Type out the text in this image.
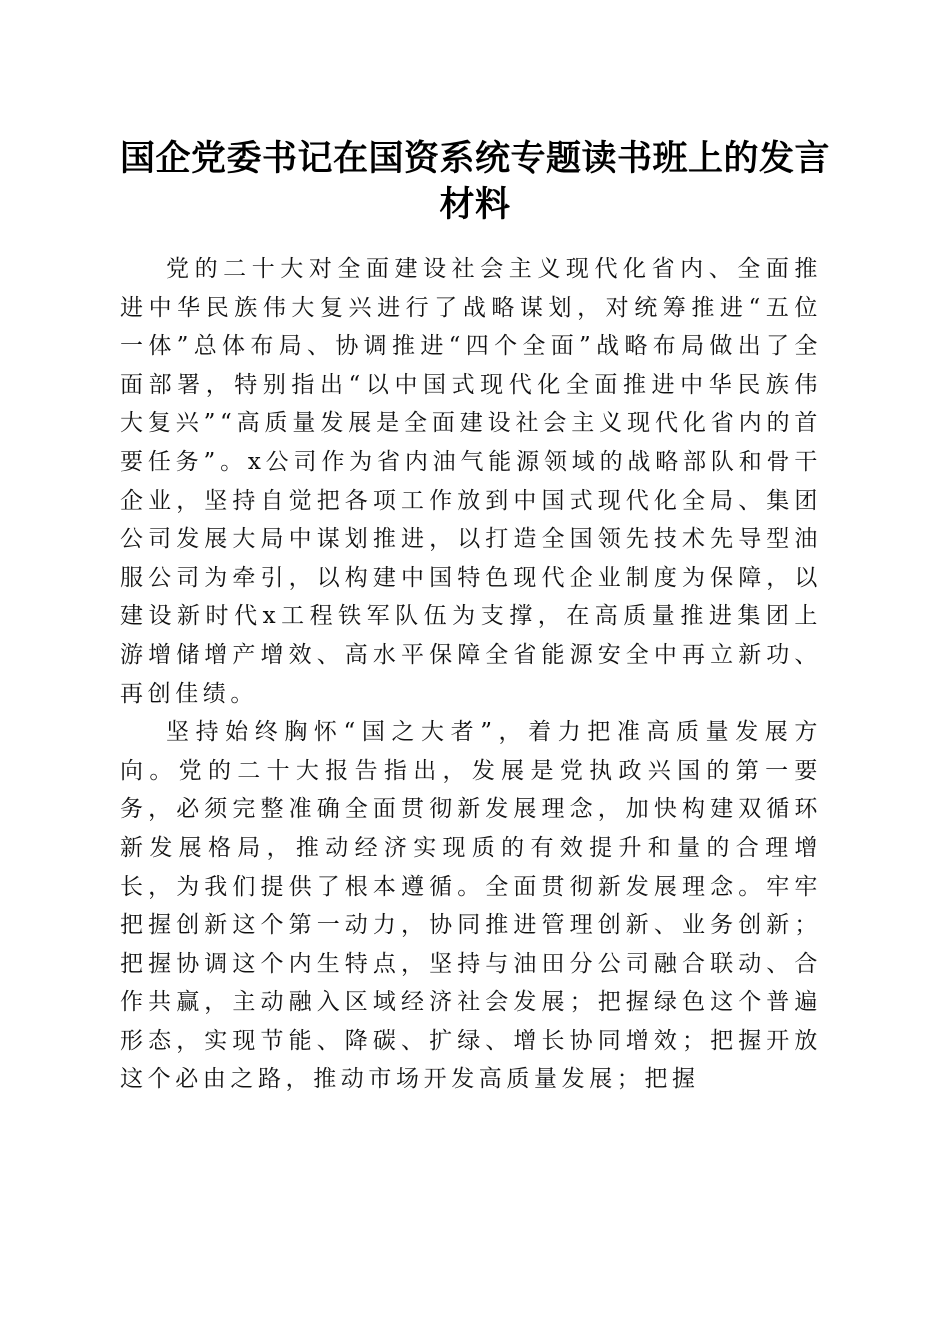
国企党委书记在国资系统专题读书班上的发言材料

党的二十大对全面建设社会主义现代化省内、全面推进中华民族伟大复兴进行了战略谋划，对统筹推进“五位一体”总体布局、协调推进“四个全面”战略布局做出了全面部署，特别指出“以中国式现代化全面推进中华民族伟大复兴”“高质量发展是全面建设社会主义现代化省内的首要任务”。x公司作为省内油气能源领域的战略部队和骨干企业，坚持自觉把各项工作放到中国式现代化全局、集团公司发展大局中谋划推进，以打造全国领先技术先导型油服公司为牵引，以构建中国特色现代企业制度为保障，以建设新时代x工程铁军队伍为支撑，在高质量推进集团上游增储增产增效、高水平保障全省能源安全中再立新功、再创佳绩。

坚持始终胸怀“国之大者”，着力把准高质量发展方向。党的二十大报告指出，发展是党执政兴国的第一要务，必须完整准确全面贯彻新发展理念，加快构建双循环新发展格局，推动经济实现质的有效提升和量的合理增长，为我们提供了根本遵循。全面贯彻新发展理念。牢牢把握创新这个第一动力，协同推进管理创新、业务创新；把握协调这个内生特点，坚持与油田分公司融合联动、合作共赢，主动融入区域经济社会发展；把握绿色这个普遍形态，实现节能、降碳、扩绿、增长协同增效；把握开放这个必由之路，推动市场开发高质量发展；把握
